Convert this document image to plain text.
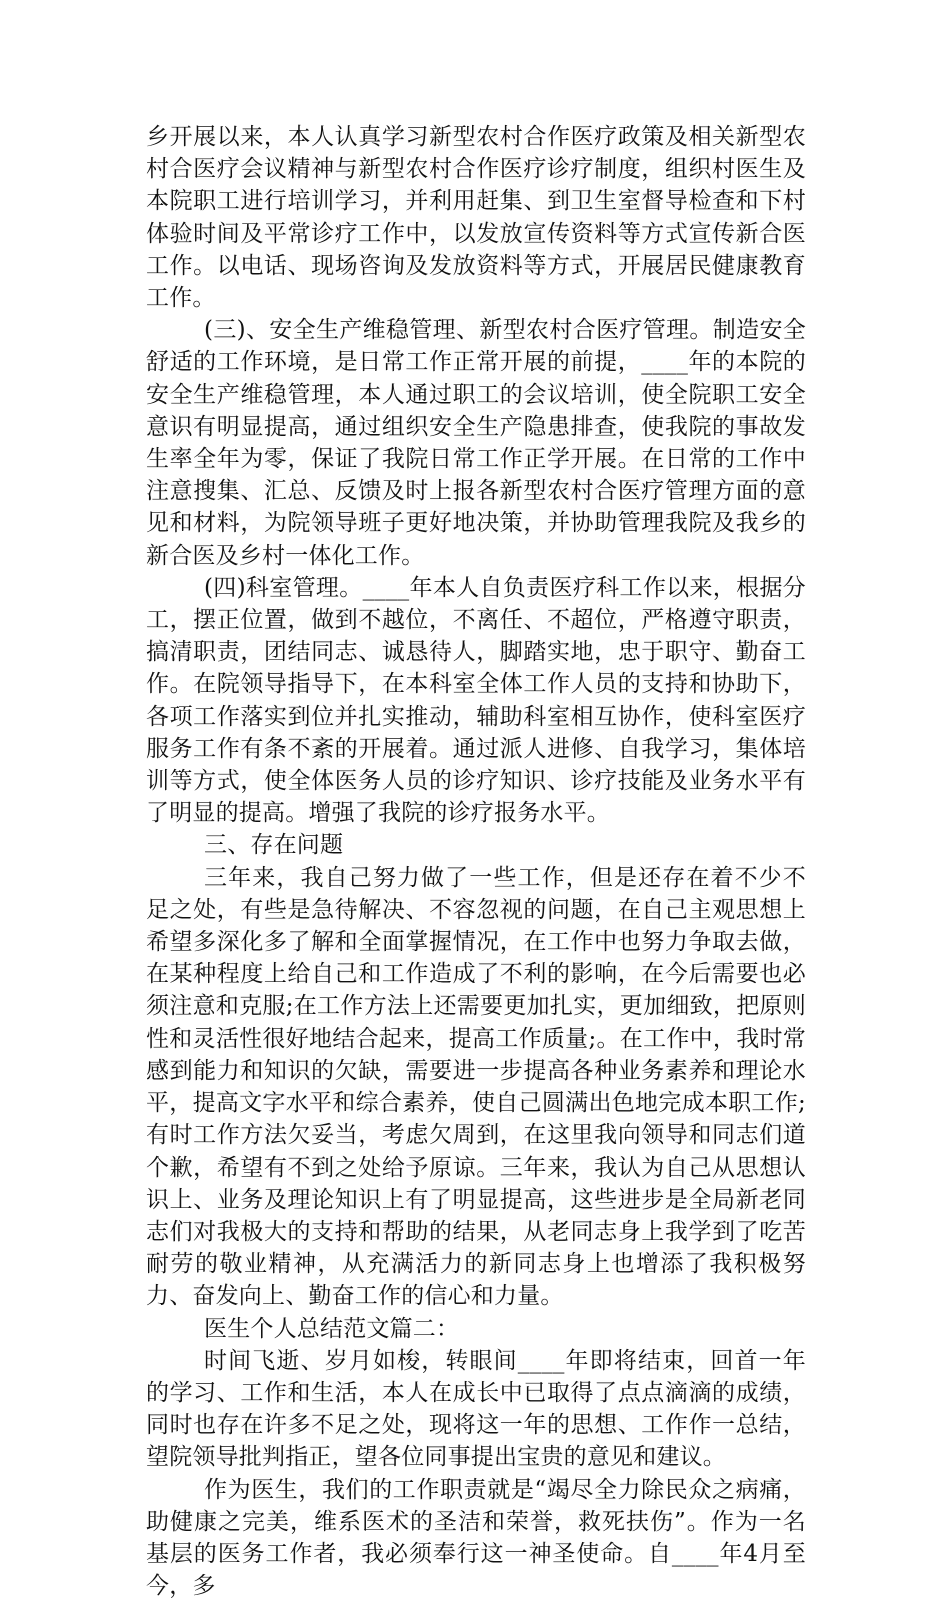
乡开展以来，本人认真学习新型农村合作医疗政策及相关新型农村合医疗会议精神与新型农村合作医疗诊疗制度，组织村医生及本院职工进行培训学习，并利用赶集、到卫生室督导检查和下村体验时间及平常诊疗工作中，以发放宣传资料等方式宣传新合医工作。以电话、现场咨询及发放资料等方式，开展居民健康教育工作。

(三)、安全生产维稳管理、新型农村合医疗管理。制造安全舒适的工作环境，是日常工作正常开展的前提，____年的本院的安全生产维稳管理，本人通过职工的会议培训，使全院职工安全意识有明显提高，通过组织安全生产隐患排查，使我院的事故发生率全年为零，保证了我院日常工作正学开展。在日常的工作中注意搜集、汇总、反馈及时上报各新型农村合医疗管理方面的意见和材料，为院领导班子更好地决策，并协助管理我院及我乡的新合医及乡村一体化工作。

(四)科室管理。____年本人自负责医疗科工作以来，根据分工，摆正位置，做到不越位，不离任、不超位，严格遵守职责，搞清职责，团结同志、诚恳待人，脚踏实地，忠于职守、勤奋工作。在院领导指导下，在本科室全体工作人员的支持和协助下，各项工作落实到位并扎实推动，辅助科室相互协作，使科室医疗服务工作有条不紊的开展着。通过派人进修、自我学习，集体培训等方式，使全体医务人员的诊疗知识、诊疗技能及业务水平有了明显的提高。增强了我院的诊疗报务水平。

三、存在问题

三年来，我自己努力做了一些工作，但是还存在着不少不足之处，有些是急待解决、不容忽视的问题，在自己主观思想上希望多深化多了解和全面掌握情况，在工作中也努力争取去做，在某种程度上给自己和工作造成了不利的影响，在今后需要也必须注意和克服;在工作方法上还需要更加扎实，更加细致，把原则性和灵活性很好地结合起来，提高工作质量;。在工作中，我时常感到能力和知识的欠缺，需要进一步提高各种业务素养和理论水平，提高文字水平和综合素养，使自己圆满出色地完成本职工作;有时工作方法欠妥当，考虑欠周到，在这里我向领导和同志们道个歉，希望有不到之处给予原谅。三年来，我认为自己从思想认识上、业务及理论知识上有了明显提高，这些进步是全局新老同志们对我极大的支持和帮助的结果，从老同志身上我学到了吃苦耐劳的敬业精神，从充满活力的新同志身上也增添了我积极努力、奋发向上、勤奋工作的信心和力量。

医生个人总结范文篇二：

时间飞逝、岁月如梭，转眼间____年即将结束，回首一年的学习、工作和生活，本人在成长中已取得了点点滴滴的成绩，同时也存在许多不足之处，现将这一年的思想、工作作一总结，望院领导批判指正，望各位同事提出宝贵的意见和建议。

作为医生，我们的工作职责就是“竭尽全力除民众之病痛，助健康之完美，维系医术的圣洁和荣誉，救死扶伤”。作为一名基层的医务工作者，我必须奉行这一神圣使命。自____年4月至今，多
